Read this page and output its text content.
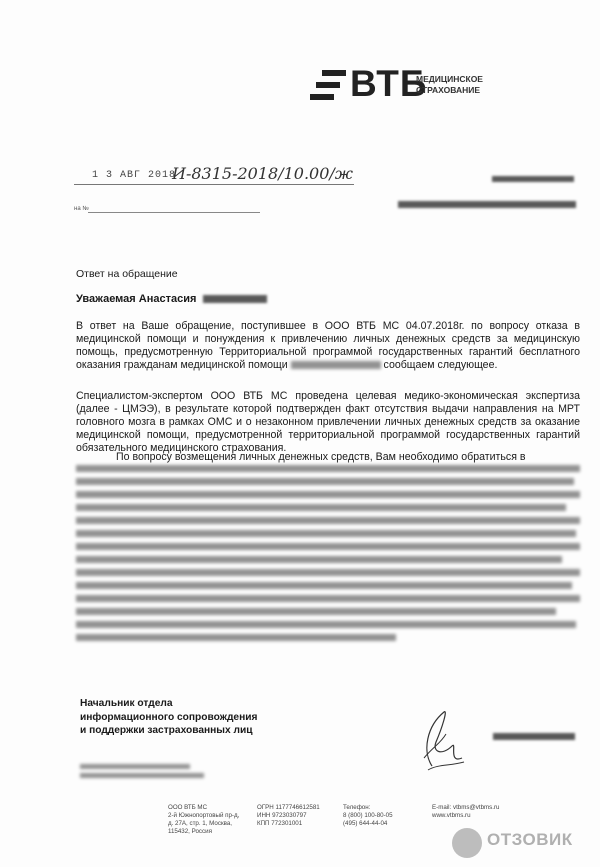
ВТБ
МЕДИЦИНСКОЕ
СТРАХОВАНИЕ
1 3 АВГ 2018
И-8315-2018/10.00/ж
на №
Ответ на обращение
Уважаемая Анастасия
В ответ на Ваше обращение, поступившее в ООО ВТБ МС 04.07.2018г. по вопросу отказа в медицинской помощи и понуждения к привлечению личных денежных средств за медицинскую помощь, предусмотренную Территориальной программой государственных гарантий бесплатного оказания гражданам медицинской помощи	сообщаем следующее.
Специалистом-экспертом ООО ВТБ МС проведена целевая медико-экономическая экспертиза (далее - ЦМЭЭ), в результате которой подтвержден факт отсутствия выдачи направления на МРТ головного мозга в рамках ОМС и о незаконном привлечении личных денежных средств за оказание медицинской помощи, предусмотренной территориальной программой государственных гарантий обязательного медицинского страхования.
По вопросу возмещения личных денежных средств, Вам необходимо обратиться в
Начальник отдела
информационного сопровождения
и поддержки застрахованных лиц
ООО ВТБ МС
2-й Южнопортовый пр-д,
д. 27А, стр. 1, Москва,
115432, Россия
ОГРН 1177746612581
ИНН 9723030797
КПП 772301001
Телефон:
8 (800) 100-80-05
(495) 644-44-04
E-mail: vtbms@vtbms.ru
www.vtbms.ru
ОТЗОВИК
